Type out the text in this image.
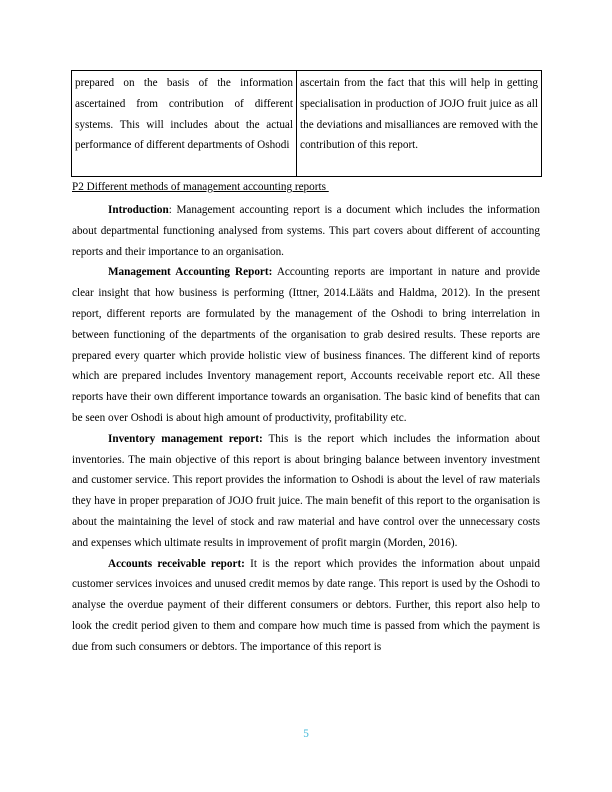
prepared on the basis of the information ascertained from contribution of different systems. This will includes about the actual performance of different departments of Oshodi	ascertain from the fact that this will help in getting specialisation in production of JOJO fruit juice as all the deviations and misalliances are removed with the contribution of this report.
P2 Different methods of management accounting reports

Introduction: Management accounting report is a document which includes the information about departmental functioning analysed from systems. This part covers about different of accounting reports and their importance to an organisation.

Management Accounting Report: Accounting reports are important in nature and provide clear insight that how business is performing (Ittner, 2014.Lääts and Haldma, 2012). In the present report, different reports are formulated by the management of the Oshodi to bring interrelation in between functioning of the departments of the organisation to grab desired results. These reports are prepared every quarter which provide holistic view of business finances. The different kind of reports which are prepared includes Inventory management report, Accounts receivable report etc. All these reports have their own different importance towards an organisation. The basic kind of benefits that can be seen over Oshodi is about high amount of productivity, profitability etc.

Inventory management report: This is the report which includes the information about inventories. The main objective of this report is about bringing balance between inventory investment and customer service. This report provides the information to Oshodi is about the level of raw materials they have in proper preparation of JOJO fruit juice. The main benefit of this report to the organisation is about the maintaining the level of stock and raw material and have control over the unnecessary costs and expenses which ultimate results in improvement of profit margin (Morden, 2016).

Accounts receivable report: It is the report which provides the information about unpaid customer services invoices and unused credit memos by date range. This report is used by the Oshodi to analyse the overdue payment of their different consumers or debtors. Further, this report also help to look the credit period given to them and compare how much time is passed from which the payment is due from such consumers or debtors. The importance of this report is

5
